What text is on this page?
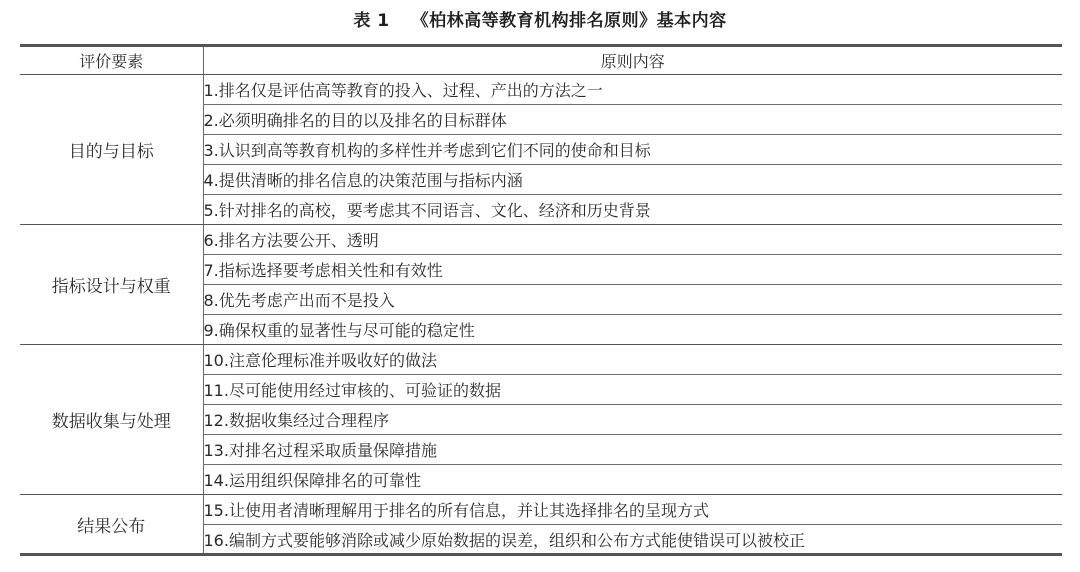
表 1 《柏林高等教育机构排名原则》基本内容
评价要素	原则内容
目的与目标	1.排名仅是评估高等教育的投入、过程、产出的方法之一
	2.必须明确排名的目的以及排名的目标群体
	3.认识到高等教育机构的多样性并考虑到它们不同的使命和目标
	4.提供清晰的排名信息的决策范围与指标内涵
	5.针对排名的高校，要考虑其不同语言、文化、经济和历史背景
指标设计与权重	6.排名方法要公开、透明
	7.指标选择要考虑相关性和有效性
	8.优先考虑产出而不是投入
	9.确保权重的显著性与尽可能的稳定性
数据收集与处理	10.注意伦理标准并吸收好的做法
	11.尽可能使用经过审核的、可验证的数据
	12.数据收集经过合理程序
	13.对排名过程采取质量保障措施
	14.运用组织保障排名的可靠性
结果公布	15.让使用者清晰理解用于排名的所有信息，并让其选择排名的呈现方式
	16.编制方式要能够消除或减少原始数据的误差，组织和公布方式能使错误可以被校正
